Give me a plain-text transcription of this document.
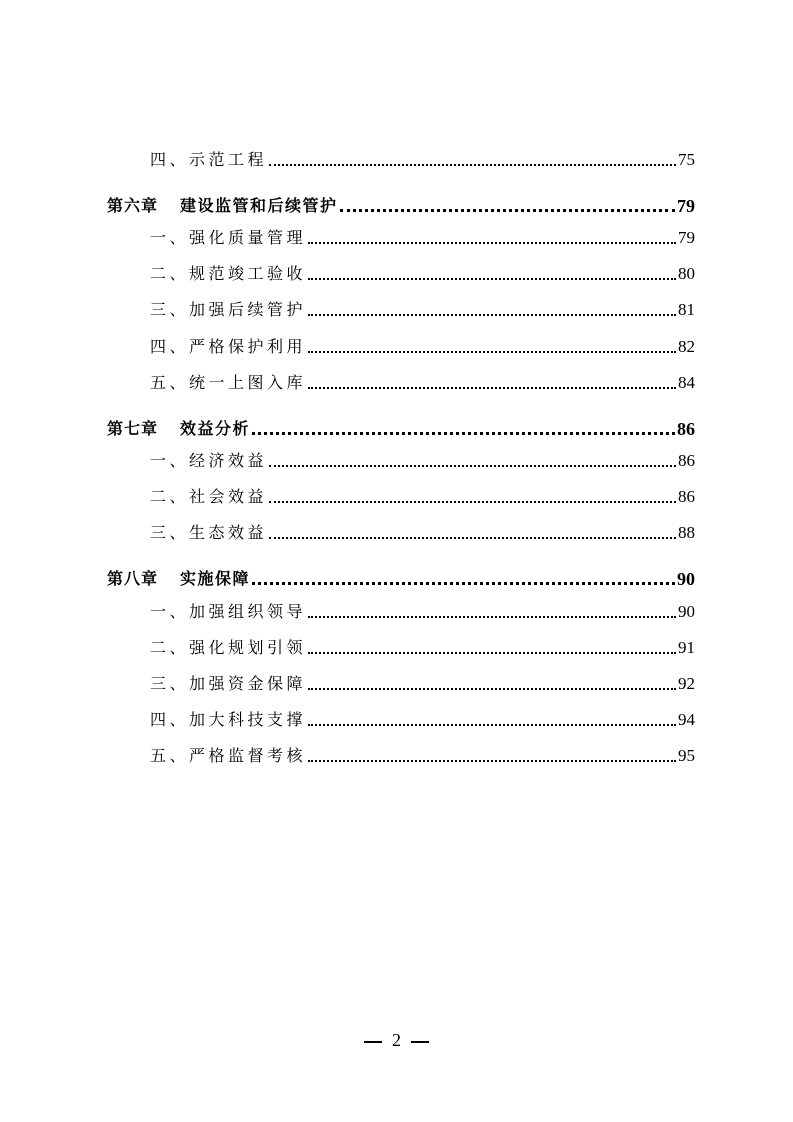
四、示范工程	75
第六章 建设监管和后续管护	79
一、强化质量管理	79
二、规范竣工验收	80
三、加强后续管护	81
四、严格保护利用	82
五、统一上图入库	84
第七章 效益分析	86
一、经济效益	86
二、社会效益	86
三、生态效益	88
第八章 实施保障	90
一、加强组织领导	90
二、强化规划引领	91
三、加强资金保障	92
四、加大科技支撑	94
五、严格监督考核	95
2
